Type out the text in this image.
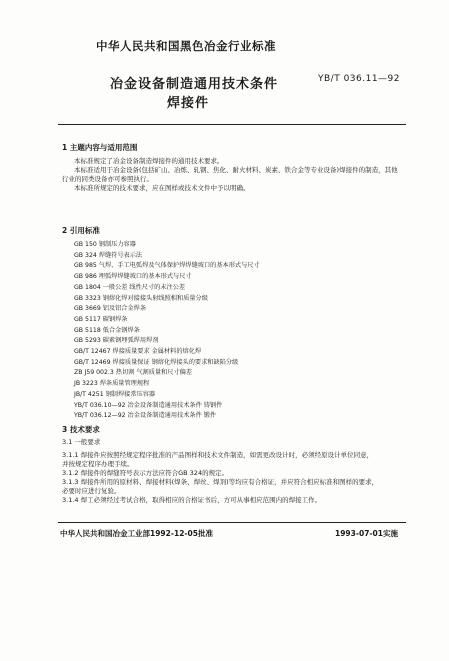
中华人民共和国黑色冶金行业标准
冶金设备制造通用技术条件
焊接件
YB/T 036.11—92
1 主题内容与适用范围
本标准规定了冶金设备制造焊接件的通用技术要求。
本标准适用于冶金设备(包括矿山、冶炼、轧钢、焦化、耐火材料、炭素、铁合金等专业设备)焊接件的制造，其他
行业的同类设备亦可参照执行。
本标准所规定的技术要求，应在图样或技术文件中予以明确。
2 引用标准
GB 150 钢制压力容器
GB 324 焊缝符号表示法
GB 985 气焊、手工电弧焊及气体保护焊焊缝坡口的基本形式与尺寸
GB 986 埋弧焊焊缝坡口的基本形式与尺寸
GB 1804 一般公差 线性尺寸的未注公差
GB 3323 钢熔化焊对接接头射线照相和质量分级
GB 3669 铝及铝合金焊条
GB 5117 碳钢焊条
GB 5118 低合金钢焊条
GB 5293 碳素钢埋弧焊用焊剂
GB/T 12467 焊接质量要求 金属材料的熔化焊
GB/T 12469 焊接质量保证 钢熔化焊接头的要求和缺陷分级
ZB J59 002.3 热切割 气割质量和尺寸偏差
JB 3223 焊条质量管理规程
JB/T 4251 钢制焊接常压容器
YB/T 036.10—92 冶金设备制造通用技术条件 铸钢件
YB/T 036.12—92 冶金设备制造通用技术条件 锻件
3 技术要求
3.1 一般要求
3.1.1 焊接件应按照经规定程序批准的产品图样和技术文件制造，如需更改设计时，必须经原设计单位同意，
并按规定程序办理手续。
3.1.2 焊接件的焊缝符号表示方法应符合GB 324的规定。
3.1.3 焊接件所用的原材料、焊接材料(焊条、焊丝、焊剂)等均应有合格证，并应符合相应标准和图样的要求，
必要时应进行复验。
3.1.4 焊工必须经过考试合格，取得相应的合格证书后，方可从事相应范围内的焊接工作。
中华人民共和国冶金工业部1992-12-05批准	1993-07-01实施
